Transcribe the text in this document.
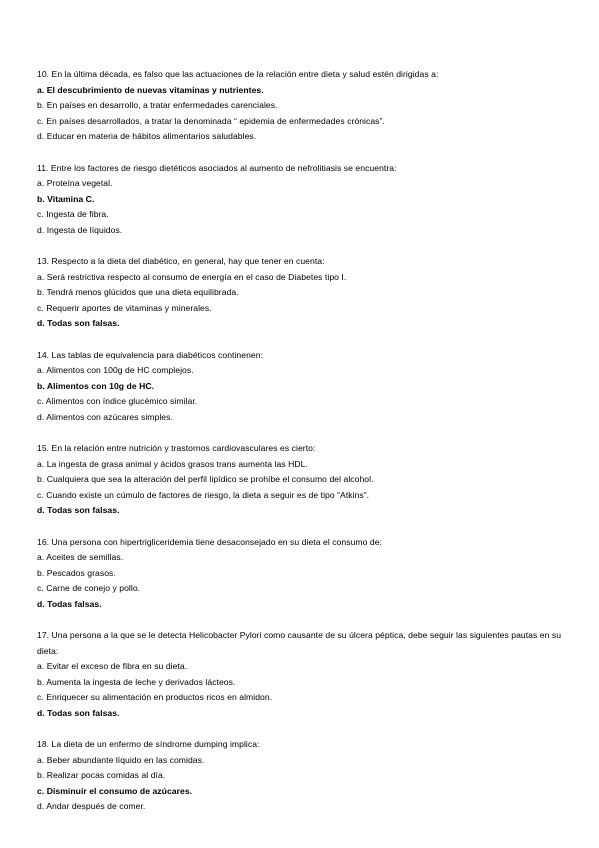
10. En la última década, es falso que las actuaciones de la relación entre dieta y salud estén dirigidas a:
a. El descubrimiento de nuevas vitaminas y nutrientes.
b. En países en desarrollo, a tratar enfermedades carenciales.
c. En países desarrollados, a tratar la denominada “ epidemia de enfermedades crónicas”.
d. Educar en materia de hábitos alimentarios saludables.
11. Entre los factores de riesgo dietéticos asociados al aumento de nefrolitiasis se encuentra:
a. Proteína vegetal.
b. Vitamina C.
c. Ingesta de fibra.
d. Ingesta de líquidos.
13. Respecto a la dieta del diabético, en general, hay que tener en cuenta:
a. Será restrictiva respecto al consumo de energía en el caso de Diabetes tipo I.
b. Tendrá menos glúcidos que una dieta equilibrada.
c. Requerir aportes de vitaminas y minerales.
d. Todas son falsas.
14. Las tablas de equivalencia para diabéticos continenen:
a. Alimentos con 100g de HC complejos.
b. Alimentos con 10g de HC.
c. Alimentos con índice glucémico similar.
d. Alimentos con azúcares simples.
15. En la relación entre nutrición y trastornos cardiovasculares es cierto:
a. La ingesta de grasa animal y ácidos grasos trans aumenta las HDL.
b. Cualquiera que sea la alteración del perfil lipídico se prohíbe el consumo del alcohol.
c. Cuando existe un cúmulo de factores de riesgo, la dieta a seguir es de tipo “Atkins”.
d. Todas son falsas.
16. Una persona con hipertrigliceridemia tiene desaconsejado en su dieta el consumo de:
a. Aceites de semillas.
b. Pescados grasos.
c. Carne de conejo y pollo.
d. Todas falsas.
17. Una persona a la que se le detecta Helicobacter Pylori como causante de su úlcera péptica, debe seguir las siguientes pautas en su dieta:
a. Evitar el exceso de fibra en su dieta.
b. Aumenta la ingesta de leche y derivados lácteos.
c. Enriquecer su alimentación en productos ricos en almidon.
d. Todas son falsas.
18. La dieta de un enfermo de síndrome dumping implica:
a. Beber abundante líquido en las comidas.
b. Realizar pocas comidas al día.
c. Disminuir el consumo de azúcares.
d. Andar después de comer.
